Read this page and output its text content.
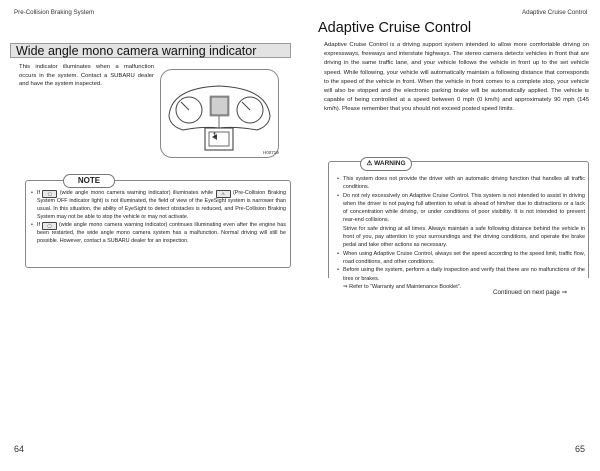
Pre-Collision Braking System	Adaptive Cruise Control
Wide angle mono camera warning indicator
This indicator illuminates when a malfunction occurs in the system. Contact a SUBARU dealer and have the system inspected.
1
H00719
NOTE

• If ◯ (wide angle mono camera warning indicator) illuminates while ⚠ (Pre-Collision Braking System OFF indicator light) is not illuminated, the field of view of the EyeSight system is narrower than usual. In this situation, the ability of EyeSight to detect obstacles is reduced, and Pre-Collision Braking System may not be able to stop the vehicle or may not activate.

• If ◯ (wide angle mono camera warning indicator) continues illuminating even after the engine has been restarted, the wide angle mono camera system has a malfunction. Normal driving will still be possible. However, contact a SUBARU dealer for an inspection.

64
Adaptive Cruise Control
Adaptive Cruise Control is a driving support system intended to allow more comfortable driving on expressways, freeways and interstate highways. The stereo camera detects vehicles in front that are driving in the same traffic lane, and your vehicle follows the vehicle in front up to the set vehicle speed. While following, your vehicle will automatically maintain a following distance that corresponds to the speed of the vehicle in front. When the vehicle in front comes to a complete stop, your vehicle will also be stopped and the electronic parking brake will be automatically applied. The vehicle is capable of being controlled at a speed between 0 mph (0 km/h) and approximately 90 mph (145 km/h). Please remember that you should not exceed posted speed limits.
⚠ WARNING

• This system does not provide the driver with an automatic driving function that handles all traffic conditions.

• Do not rely excessively on Adaptive Cruise Control. This system is not intended to assist in driving when the driver is not paying full attention to what is ahead of him/her due to distractions or a lack of concentration while driving, or under conditions of poor visibility. It is not intended to prevent rear-end collisions.

Strive for safe driving at all times. Always maintain a safe following distance behind the vehicle in front of you, pay attention to your surroundings and the driving conditions, and operate the brake pedal and take other actions as necessary.

• When using Adaptive Cruise Control, always set the speed according to the speed limit, traffic flow, road conditions, and other conditions.

• Before using the system, perform a daily inspection and verify that there are no malfunctions of the tires or brakes.

⇒ Refer to “Warranty and Maintenance Booklet”.
Continued on next page ⇒
65
